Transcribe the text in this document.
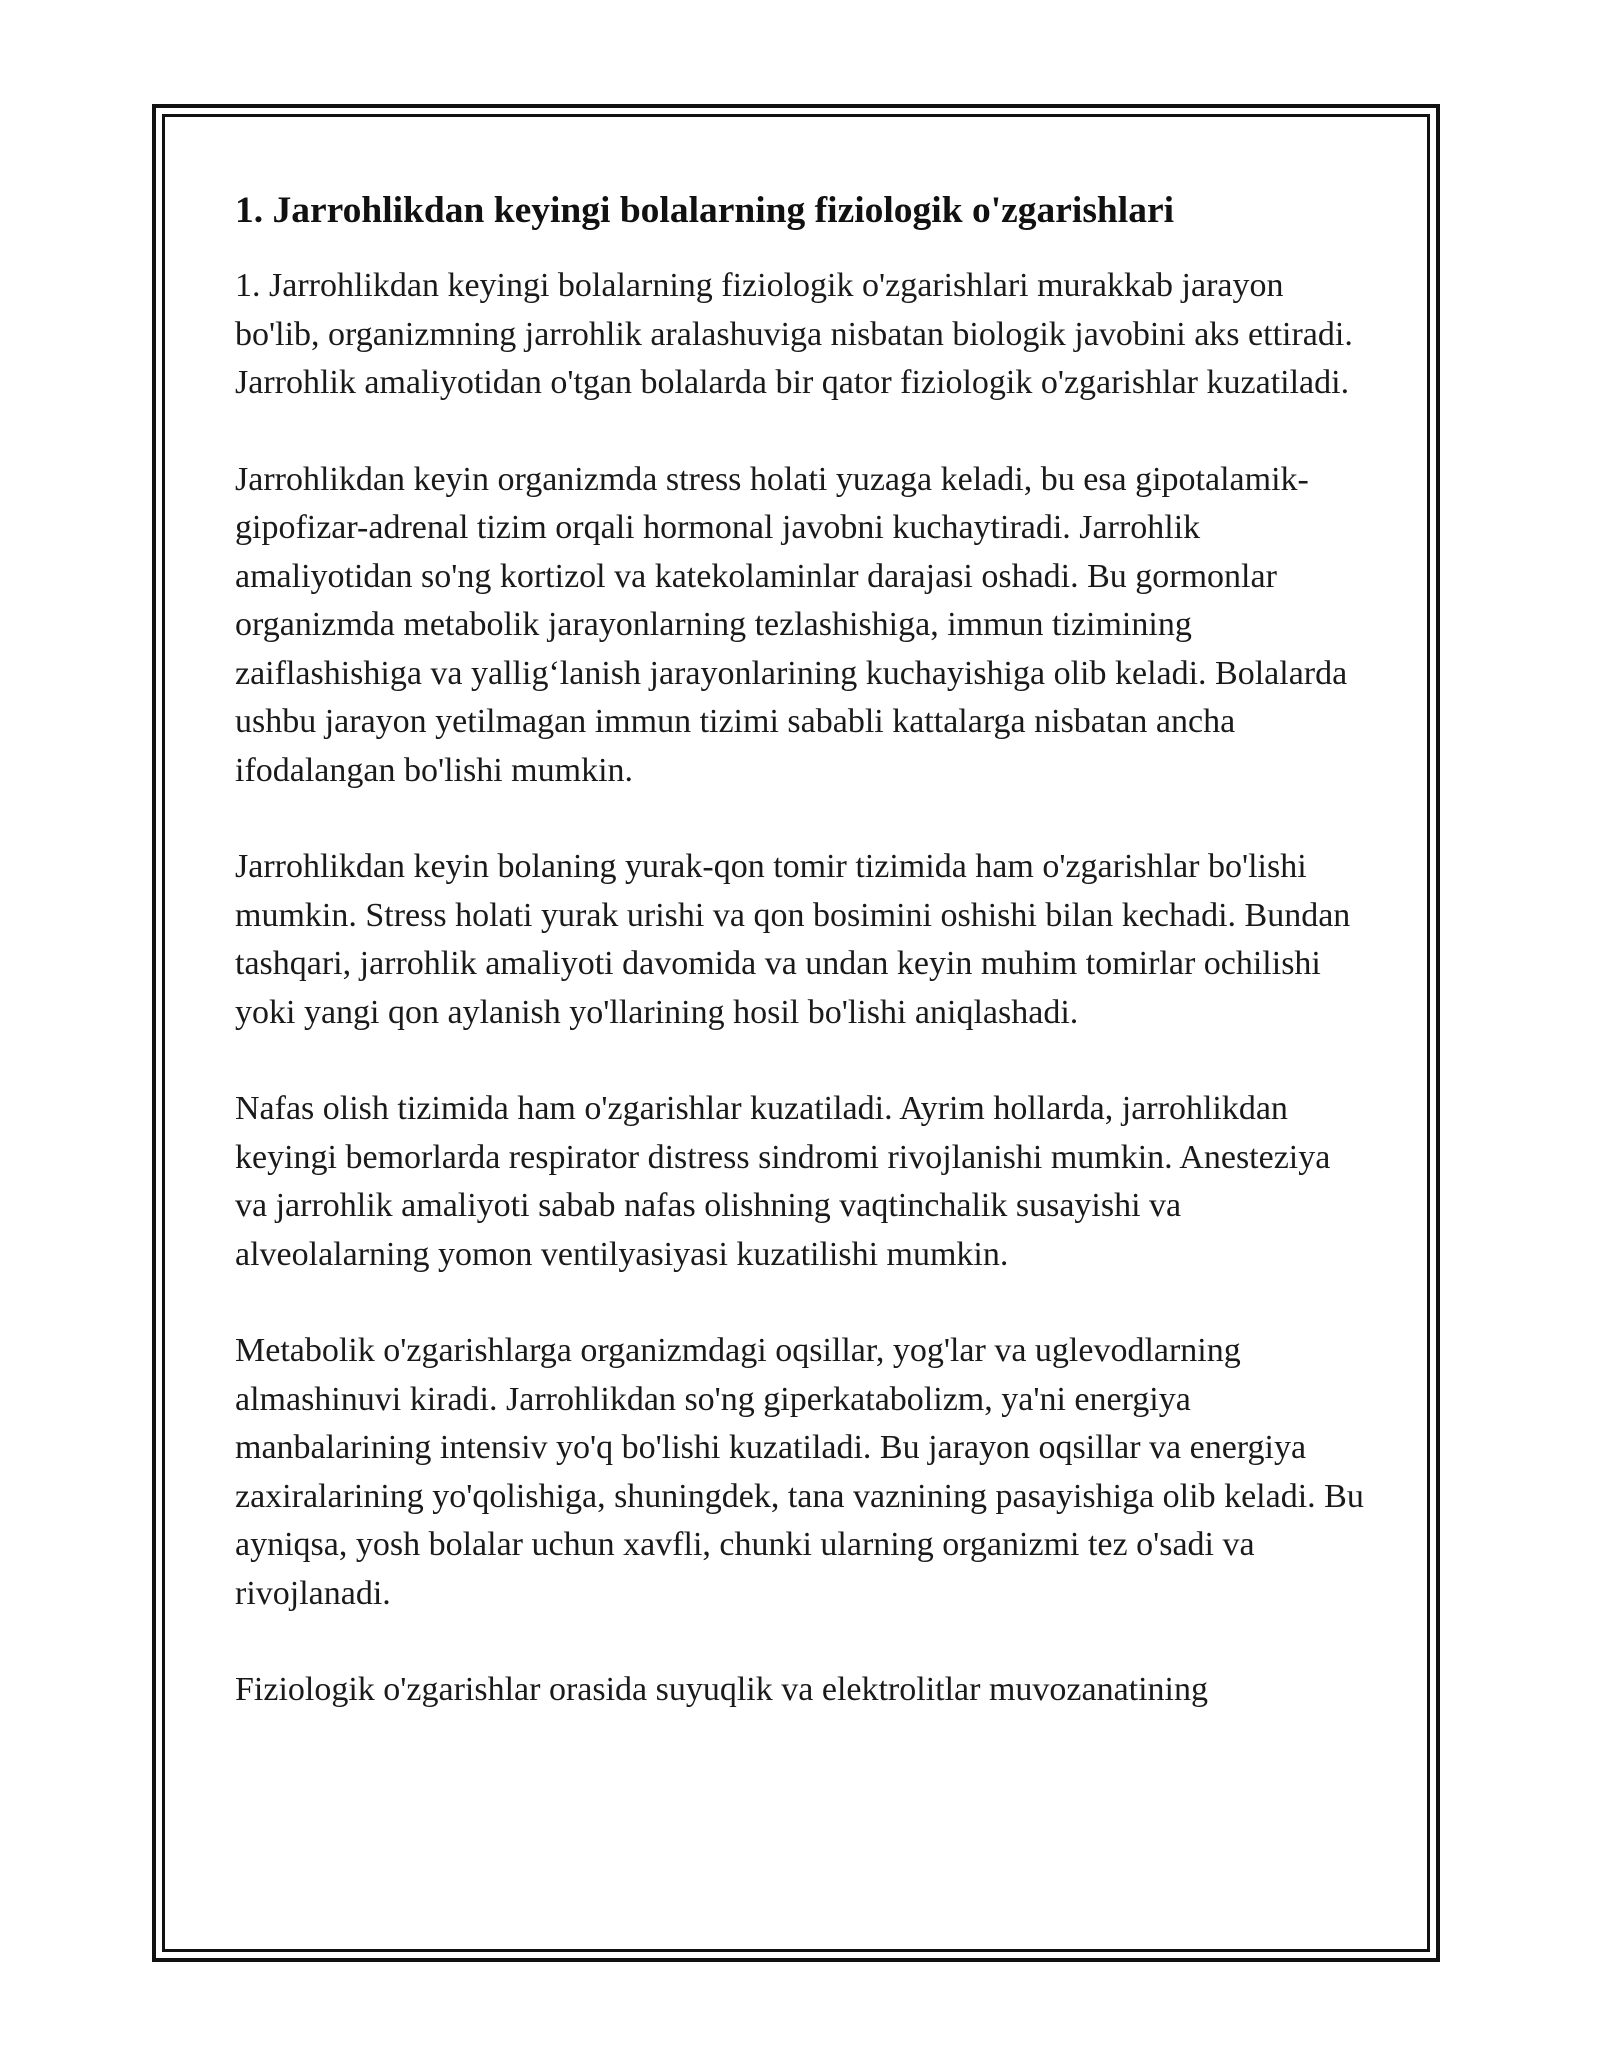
1. Jarrohlikdan keyingi bolalarning fiziologik o'zgarishlari

1. Jarrohlikdan keyingi bolalarning fiziologik o'zgarishlari murakkab jarayon bo'lib, organizmning jarrohlik aralashuviga nisbatan biologik javobini aks ettiradi. Jarrohlik amaliyotidan o'tgan bolalarda bir qator fiziologik o'zgarishlar kuzatiladi.

Jarrohlikdan keyin organizmda stress holati yuzaga keladi, bu esa gipotalamik-gipofizar-adrenal tizim orqali hormonal javobni kuchaytiradi. Jarrohlik amaliyotidan so'ng kortizol va katekolaminlar darajasi oshadi. Bu gormonlar organizmda metabolik jarayonlarning tezlashishiga, immun tizimining zaiflashishiga va yallig‘lanish jarayonlarining kuchayishiga olib keladi. Bolalarda ushbu jarayon yetilmagan immun tizimi sababli kattalarga nisbatan ancha ifodalangan bo'lishi mumkin.

Jarrohlikdan keyin bolaning yurak-qon tomir tizimida ham o'zgarishlar bo'lishi mumkin. Stress holati yurak urishi va qon bosimini oshishi bilan kechadi. Bundan tashqari, jarrohlik amaliyoti davomida va undan keyin muhim tomirlar ochilishi yoki yangi qon aylanish yo'llarining hosil bo'lishi aniqlashadi.

Nafas olish tizimida ham o'zgarishlar kuzatiladi. Ayrim hollarda, jarrohlikdan keyingi bemorlarda respirator distress sindromi rivojlanishi mumkin. Anesteziya va jarrohlik amaliyoti sabab nafas olishning vaqtinchalik susayishi va alveolalarning yomon ventilyasiyasi kuzatilishi mumkin.

Metabolik o'zgarishlarga organizmdagi oqsillar, yog'lar va uglevodlarning almashinuvi kiradi. Jarrohlikdan so'ng giperkatabolizm, ya'ni energiya manbalarining intensiv yo'q bo'lishi kuzatiladi. Bu jarayon oqsillar va energiya zaxiralarining yo'qolishiga, shuningdek, tana vaznining pasayishiga olib keladi. Bu ayniqsa, yosh bolalar uchun xavfli, chunki ularning organizmi tez o'sadi va rivojlanadi.

Fiziologik o'zgarishlar orasida suyuqlik va elektrolitlar muvozanatining
